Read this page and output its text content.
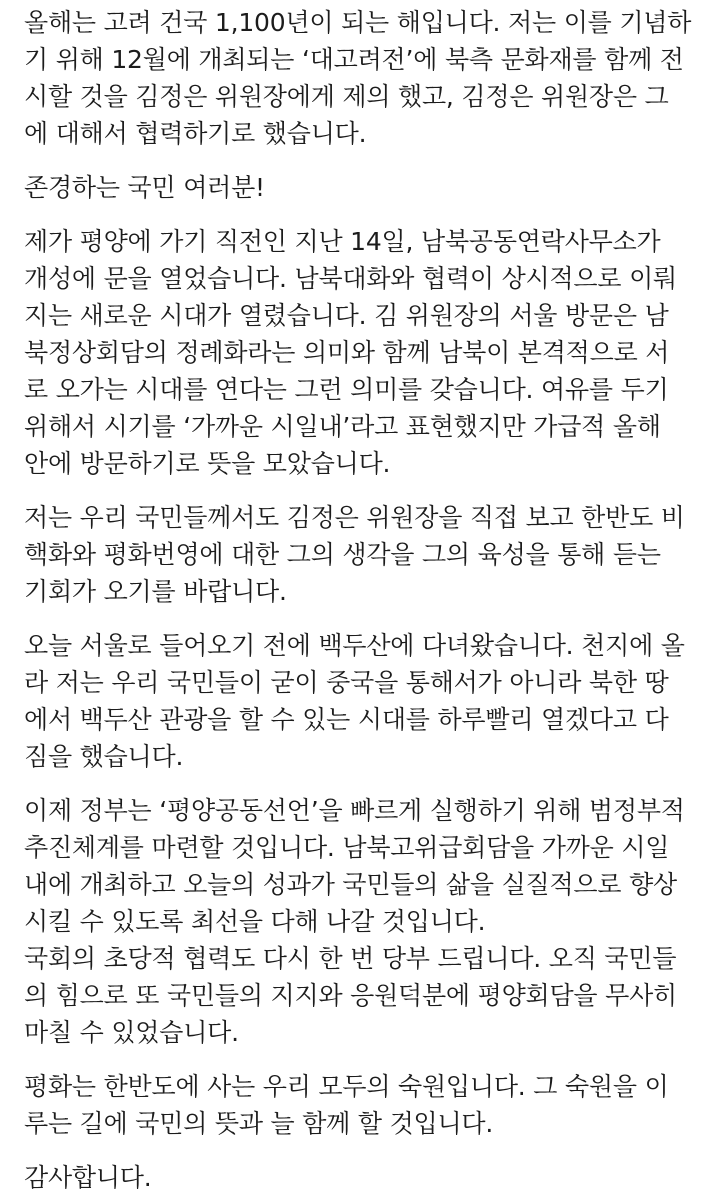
올해는 고려 건국 1,100년이 되는 해입니다. 저는 이를 기념하
기 위해 12월에 개최되는 ‘대고려전’에 북측 문화재를 함께 전
시할 것을 김정은 위원장에게 제의 했고, 김정은 위원장은 그
에 대해서 협력하기로 했습니다.

존경하는 국민 여러분!

제가 평양에 가기 직전인 지난 14일, 남북공동연락사무소가
개성에 문을 열었습니다. 남북대화와 협력이 상시적으로 이뤄
지는 새로운 시대가 열렸습니다. 김 위원장의 서울 방문은 남
북정상회담의 정례화라는 의미와 함께 남북이 본격적으로 서
로 오가는 시대를 연다는 그런 의미를 갖습니다. 여유를 두기
위해서 시기를 ‘가까운 시일내’라고 표현했지만 가급적 올해
안에 방문하기로 뜻을 모았습니다.

저는 우리 국민들께서도 김정은 위원장을 직접 보고 한반도 비
핵화와 평화번영에 대한 그의 생각을 그의 육성을 통해 듣는
기회가 오기를 바랍니다.

오늘 서울로 들어오기 전에 백두산에 다녀왔습니다. 천지에 올
라 저는 우리 국민들이 굳이 중국을 통해서가 아니라 북한 땅
에서 백두산 관광을 할 수 있는 시대를 하루빨리 열겠다고 다
짐을 했습니다.

이제 정부는 ‘평양공동선언’을 빠르게 실행하기 위해 범정부적
추진체계를 마련할 것입니다. 남북고위급회담을 가까운 시일
내에 개최하고 오늘의 성과가 국민들의 삶을 실질적으로 향상
시킬 수 있도록 최선을 다해 나갈 것입니다.

국회의 초당적 협력도 다시 한 번 당부 드립니다. 오직 국민들
의 힘으로 또 국민들의 지지와 응원덕분에 평양회담을 무사히
마칠 수 있었습니다.

평화는 한반도에 사는 우리 모두의 숙원입니다. 그 숙원을 이
루는 길에 국민의 뜻과 늘 함께 할 것입니다.

감사합니다.
